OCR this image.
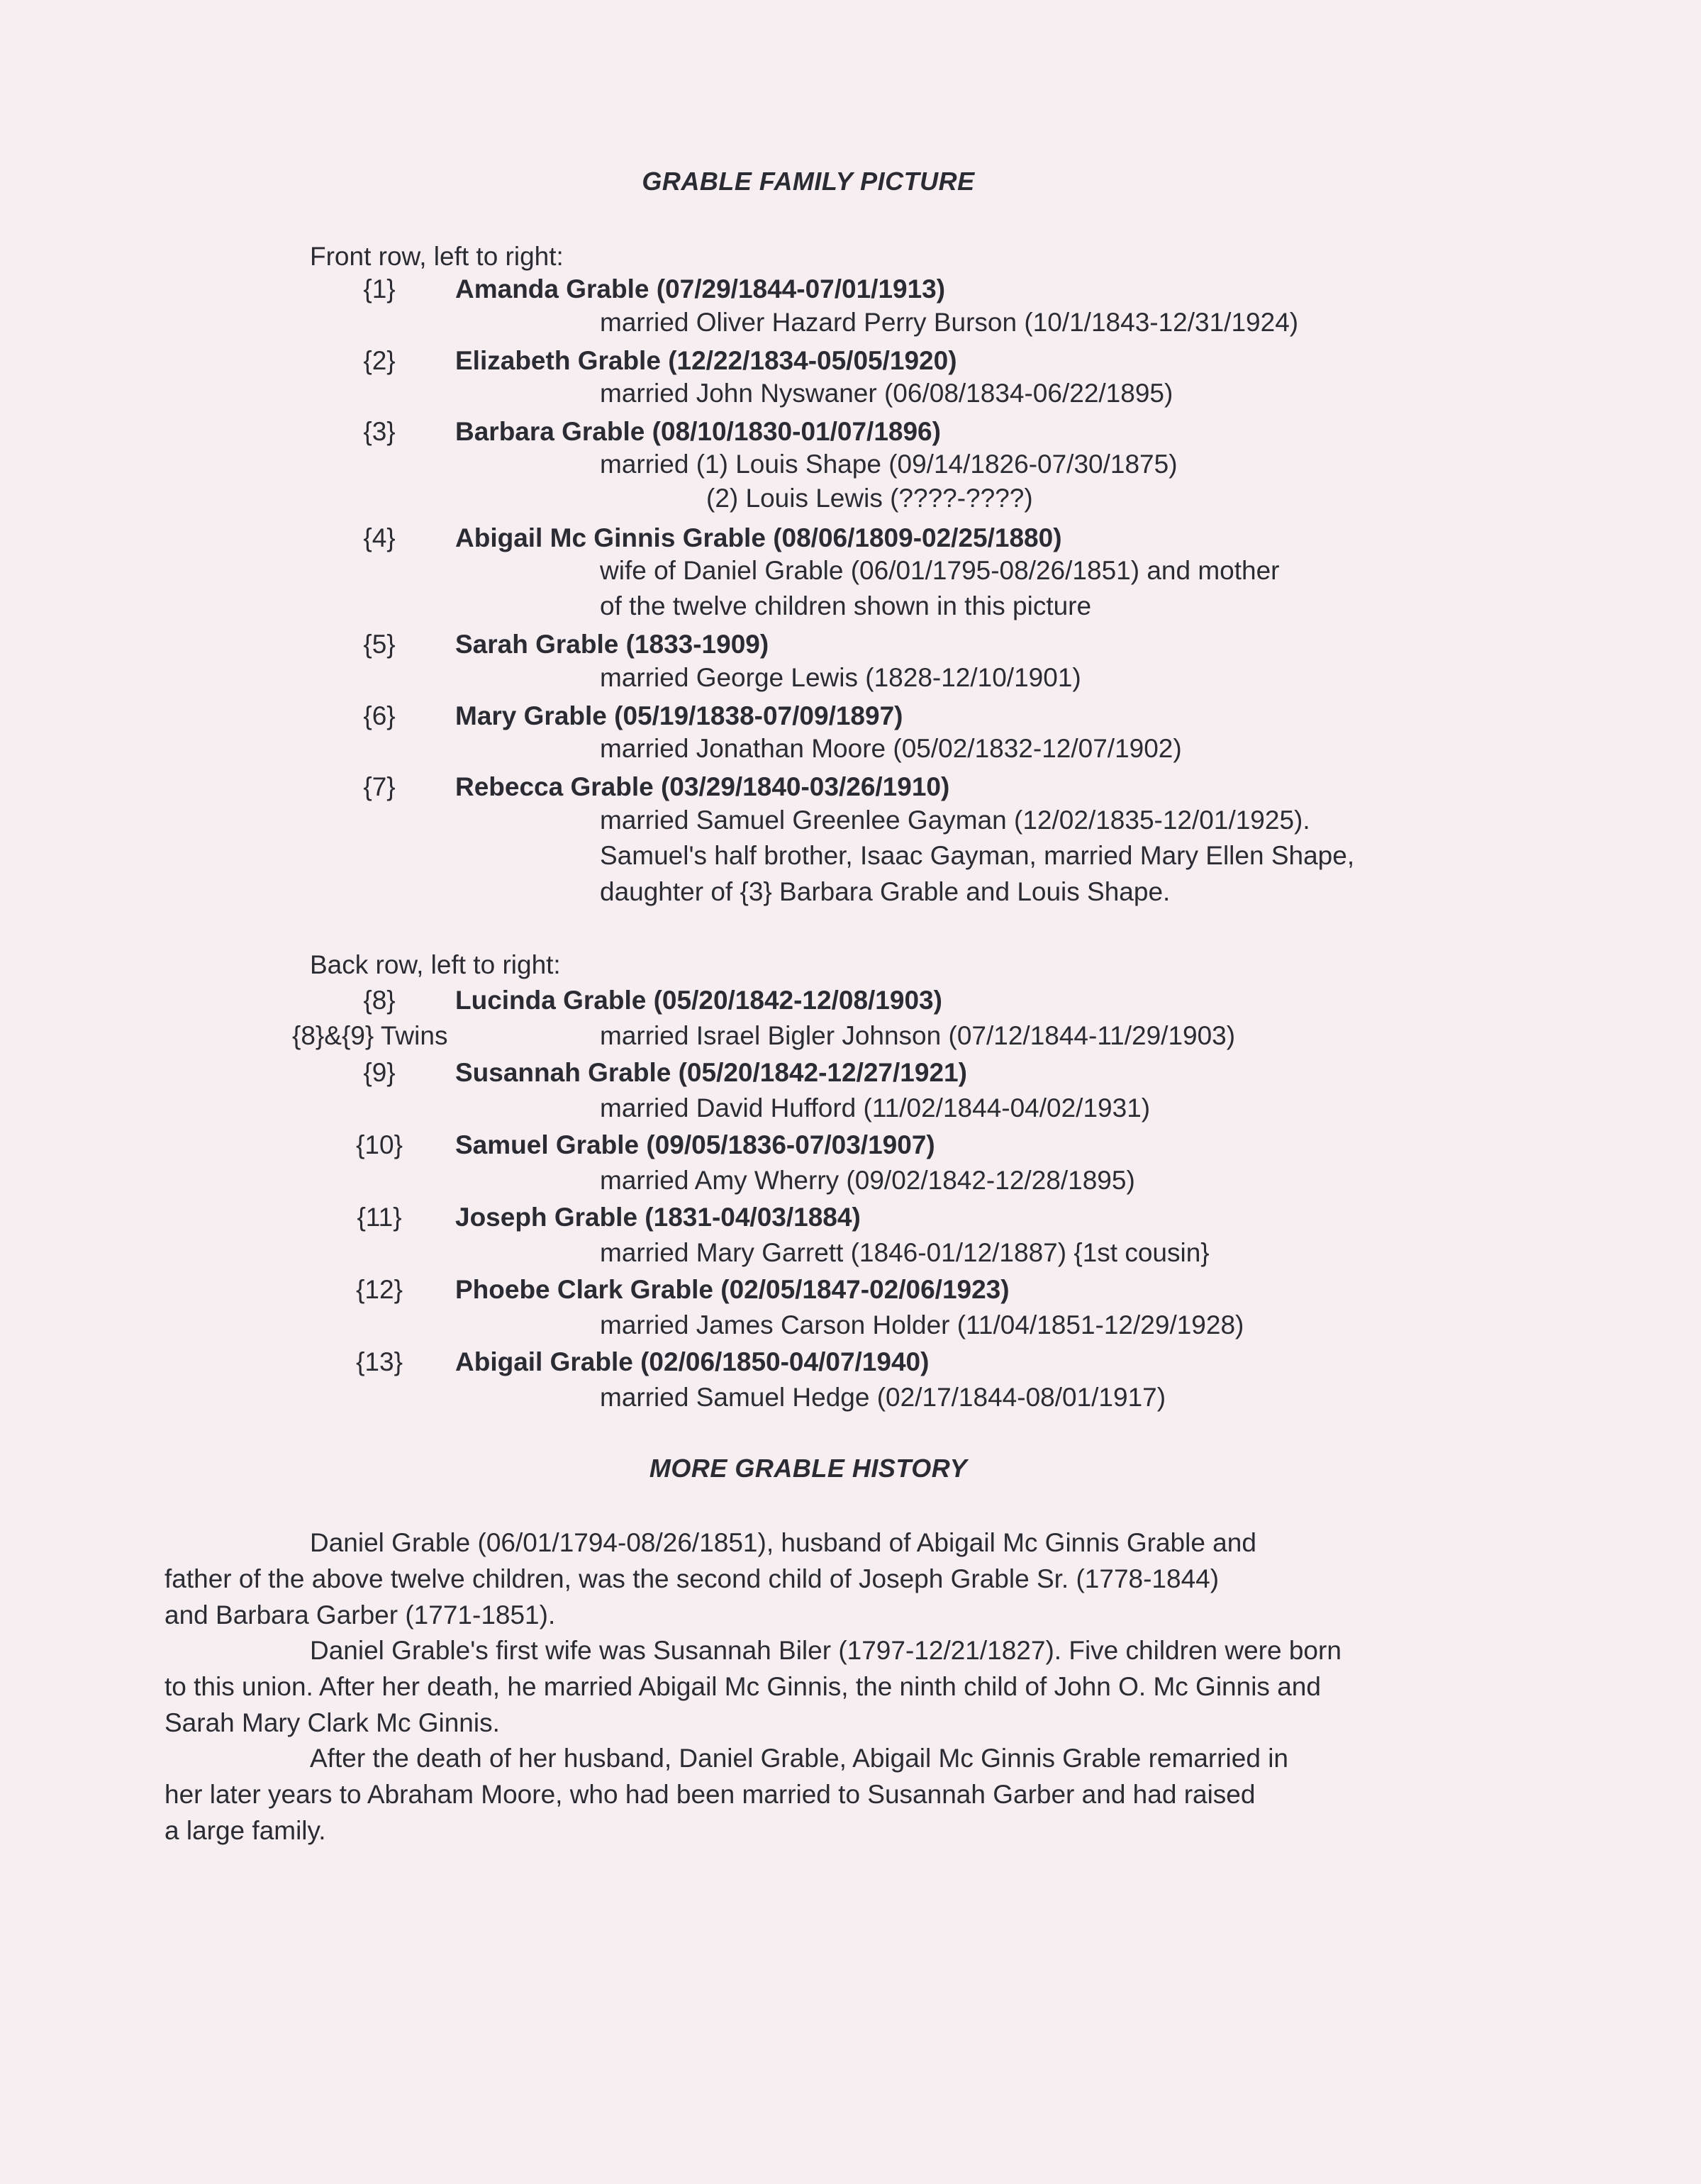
GRABLE FAMILY PICTURE
Front row, left to right:
{1}	Amanda Grable (07/29/1844-07/01/1913)
married Oliver Hazard Perry Burson (10/1/1843-12/31/1924)
{2}	Elizabeth Grable (12/22/1834-05/05/1920)
married John Nyswaner (06/08/1834-06/22/1895)
{3}	Barbara Grable (08/10/1830-01/07/1896)
married (1) Louis Shape (09/14/1826-07/30/1875)
(2) Louis Lewis (????-????)
{4}	Abigail Mc Ginnis Grable (08/06/1809-02/25/1880)
wife of Daniel Grable (06/01/1795-08/26/1851) and mother
of the twelve children shown in this picture
{5}	Sarah Grable (1833-1909)
married George Lewis (1828-12/10/1901)
{6}	Mary Grable (05/19/1838-07/09/1897)
married Jonathan Moore (05/02/1832-12/07/1902)
{7}	Rebecca Grable (03/29/1840-03/26/1910)
married Samuel Greenlee Gayman (12/02/1835-12/01/1925).
Samuel's half brother, Isaac Gayman, married Mary Ellen Shape,
daughter of {3} Barbara Grable and Louis Shape.
Back row, left to right:
{8}	Lucinda Grable (05/20/1842-12/08/1903)
{8}&{9} Twins	married Israel Bigler Johnson (07/12/1844-11/29/1903)
{9}	Susannah Grable (05/20/1842-12/27/1921)
married David Hufford (11/02/1844-04/02/1931)
{10}	Samuel Grable (09/05/1836-07/03/1907)
married Amy Wherry (09/02/1842-12/28/1895)
{11}	Joseph Grable (1831-04/03/1884)
married Mary Garrett (1846-01/12/1887) {1st cousin}
{12}	Phoebe Clark Grable (02/05/1847-02/06/1923)
married James Carson Holder (11/04/1851-12/29/1928)
{13}	Abigail Grable (02/06/1850-04/07/1940)
married Samuel Hedge (02/17/1844-08/01/1917)
MORE GRABLE HISTORY
Daniel Grable (06/01/1794-08/26/1851), husband of Abigail Mc Ginnis Grable and
father of the above twelve children, was the second child of Joseph Grable Sr. (1778-1844)
and Barbara Garber (1771-1851).
Daniel Grable's first wife was Susannah Biler (1797-12/21/1827). Five children were born
to this union. After her death, he married Abigail Mc Ginnis, the ninth child of John O. Mc Ginnis and
Sarah Mary Clark Mc Ginnis.
After the death of her husband, Daniel Grable, Abigail Mc Ginnis Grable remarried in
her later years to Abraham Moore, who had been married to Susannah Garber and had raised
a large family.
